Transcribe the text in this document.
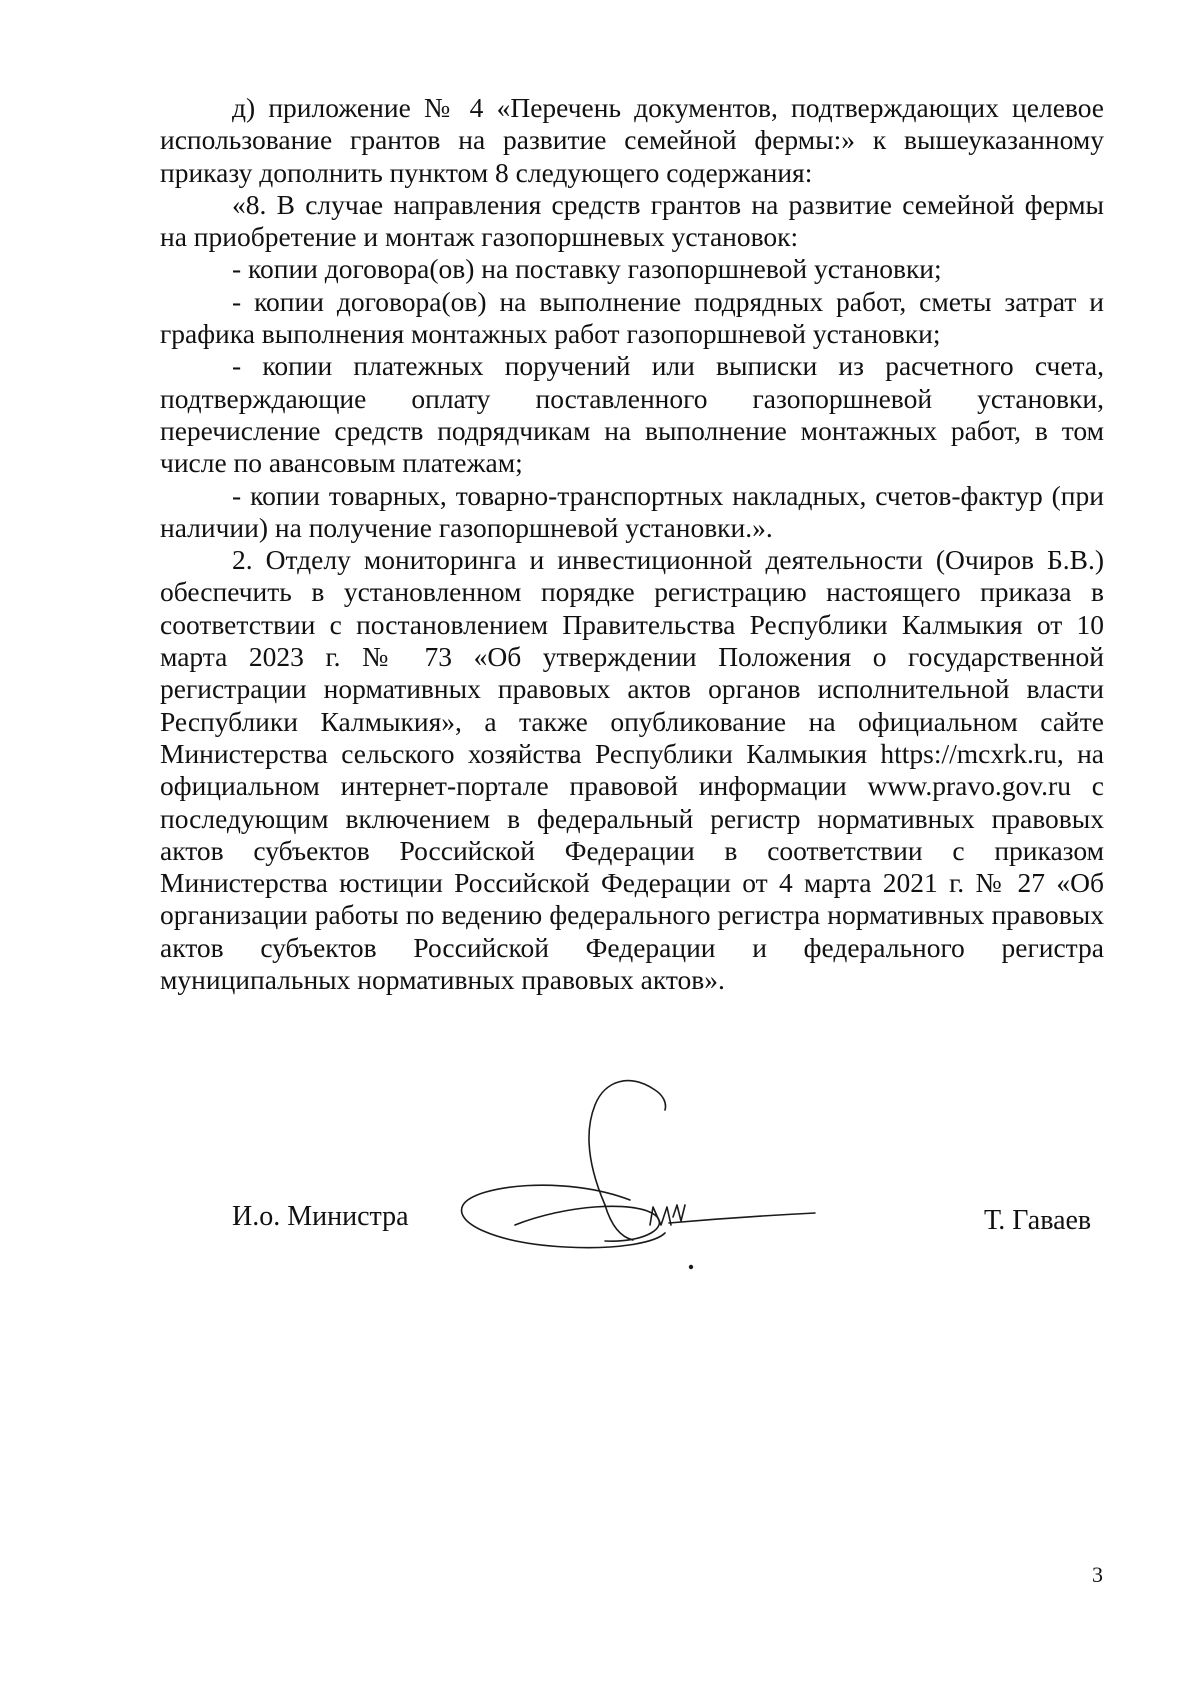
д) приложение № 4 «Перечень документов, подтверждающих целевое использование грантов на развитие семейной фермы:» к вышеуказанному приказу дополнить пунктом 8 следующего содержания:

«8. В случае направления средств грантов на развитие семейной фермы на приобретение и монтаж газопоршневых установок:

- копии договора(ов) на поставку газопоршневой установки;

- копии договора(ов) на выполнение подрядных работ, сметы затрат и графика выполнения монтажных работ газопоршневой установки;

- копии платежных поручений или выписки из расчетного счета, подтверждающие оплату поставленного газопоршневой установки, перечисление средств подрядчикам на выполнение монтажных работ, в том числе по авансовым платежам;

- копии товарных, товарно-транспортных накладных, счетов-фактур (при наличии) на получение газопоршневой установки.».

2. Отделу мониторинга и инвестиционной деятельности (Очиров Б.В.) обеспечить в установленном порядке регистрацию настоящего приказа в соответствии с постановлением Правительства Республики Калмыкия от 10 марта 2023 г. № 73 «Об утверждении Положения о государственной регистрации нормативных правовых актов органов исполнительной власти Республики Калмыкия», а также опубликование на официальном сайте Министерства сельского хозяйства Республики Калмыкия https://mcxrk.ru, на официальном интернет-портале правовой информации www.pravo.gov.ru с последующим включением в федеральный регистр нормативных правовых актов субъектов Российской Федерации в соответствии с приказом Министерства юстиции Российской Федерации от 4 марта 2021 г. № 27 «Об организации работы по ведению федерального регистра нормативных правовых актов субъектов Российской Федерации и федерального регистра муниципальных нормативных правовых актов».

И.о. Министра	Т. Гаваев
3
